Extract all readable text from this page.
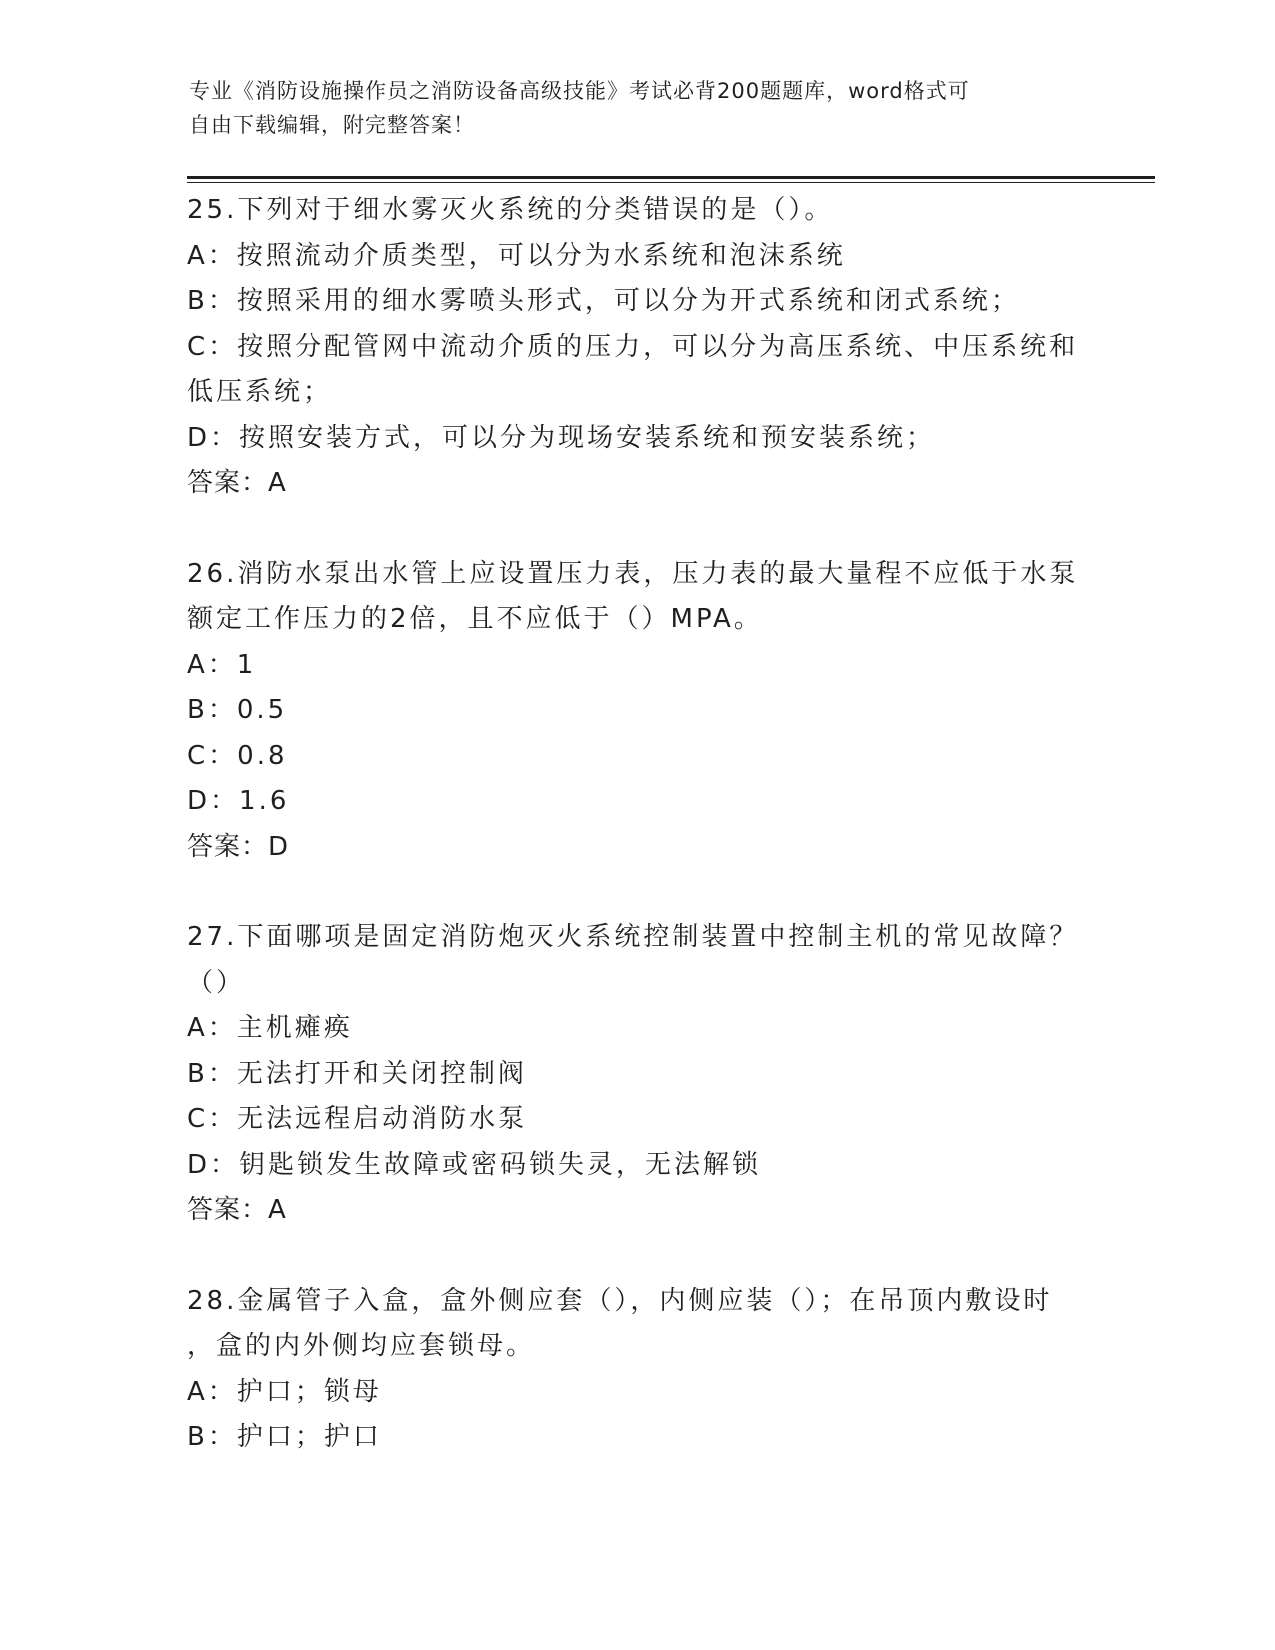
专业《消防设施操作员之消防设备高级技能》考试必背200题题库，word格式可
自由下载编辑，附完整答案！
25.下列对于细水雾灭火系统的分类错误的是（）。
A：按照流动介质类型，可以分为水系统和泡沫系统
B：按照采用的细水雾喷头形式，可以分为开式系统和闭式系统；
C：按照分配管网中流动介质的压力，可以分为高压系统、中压系统和
低压系统；
D：按照安装方式，可以分为现场安装系统和预安装系统；
答案：A
26.消防水泵出水管上应设置压力表，压力表的最大量程不应低于水泵
额定工作压力的2倍，且不应低于（）MPA。
A：1
B：0.5
C：0.8
D：1.6
答案：D
27.下面哪项是固定消防炮灭火系统控制装置中控制主机的常见故障？
（）
A：主机瘫痪
B：无法打开和关闭控制阀
C：无法远程启动消防水泵
D：钥匙锁发生故障或密码锁失灵，无法解锁
答案：A
28.金属管子入盒，盒外侧应套（），内侧应装（）；在吊顶内敷设时
，盒的内外侧均应套锁母。
A：护口；锁母
B：护口；护口
